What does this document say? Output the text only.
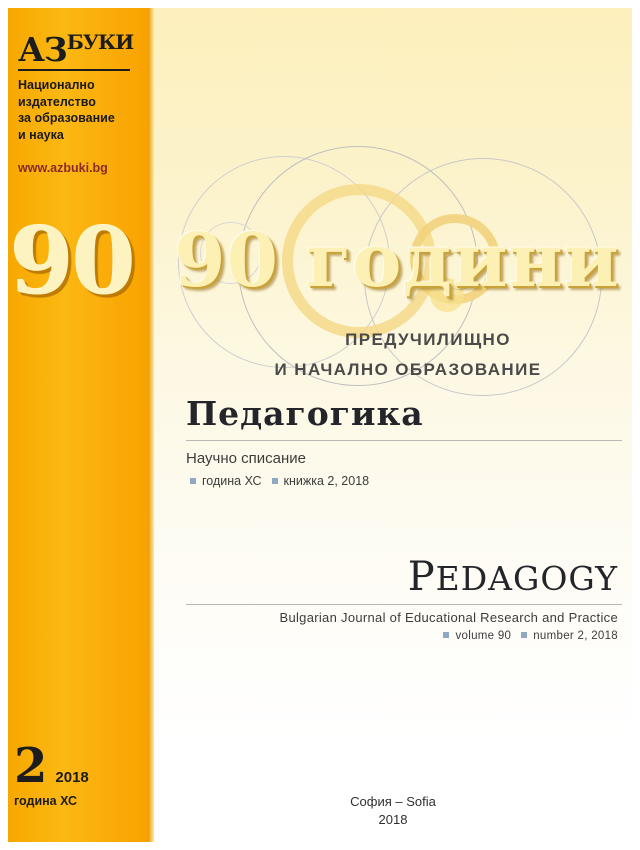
$АЗ^{БУКИ}$
Национално
издателство
за образование
и наука
www.azbuki.bg
90
2 2018
година ХС
90 години
ПРЕДУЧИЛИЩНО
И НАЧАЛНО ОБРАЗОВАНИЕ
Педагогика
Научно списание
година ХС книжка 2, 2018
PEDAGOGY
Bulgarian Journal of Educational Research and Practice
volume 90 number 2, 2018
София – Sofia
2018
